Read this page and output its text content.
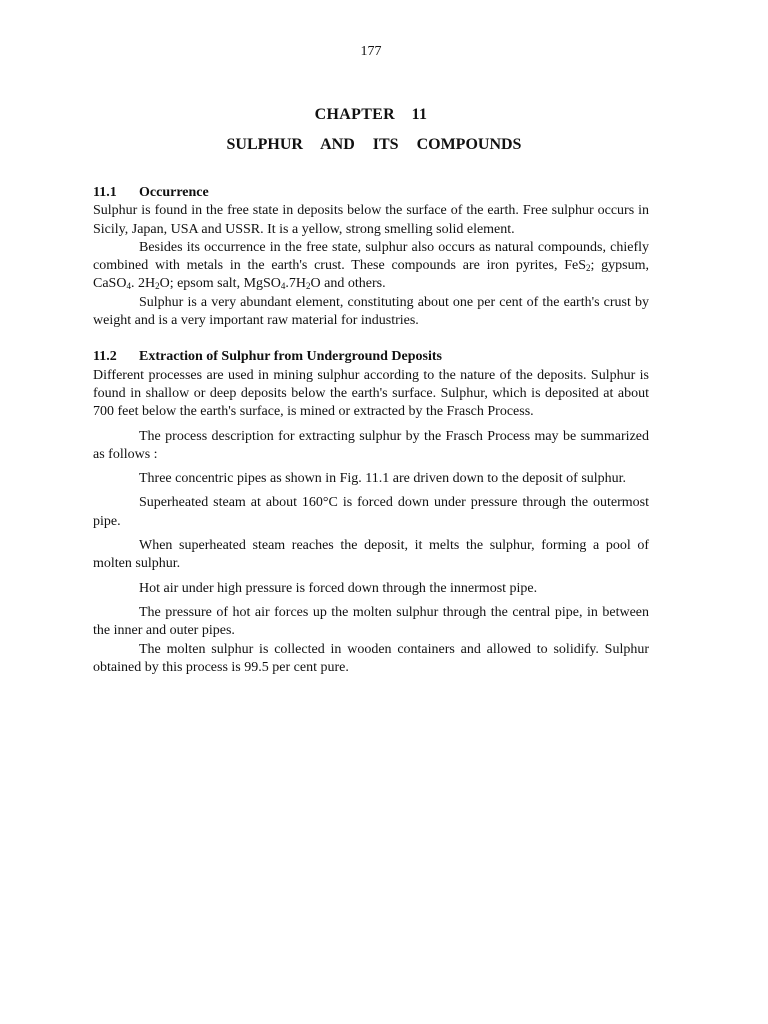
177
CHAPTER  11
SULPHUR  AND  ITS  COMPOUNDS

11.1 Occurrence

Sulphur is found in the free state in deposits below the surface of the earth. Free sulphur occurs in Sicily, Japan, USA and USSR. It is a yellow, strong smelling solid element.

Besides its occurrence in the free state, sulphur also occurs as natural compounds, chiefly combined with metals in the earth's crust. These compounds are iron pyrites, FeS$_2$; gypsum, CaSO$_4$. $2H_2O$; epsom salt, $MgSO_4.7H_2O$ and others.

Sulphur is a very abundant element, constituting about one per cent of the earth's crust by weight and is a very important raw material for industries.

11.2 Extraction of Sulphur from Underground Deposits

Different processes are used in mining sulphur according to the nature of the deposits. Sulphur is found in shallow or deep deposits below the earth's surface. Sulphur, which is deposited at about 700 feet below the earth's surface, is mined or extracted by the Frasch Process.

The process description for extracting sulphur by the Frasch Process may be summarized as follows :

Three concentric pipes as shown in Fig. 11.1 are driven down to the deposit of sulphur.

Superheated steam at about 160°C is forced down under pressure through the outermost pipe.

When superheated steam reaches the deposit, it melts the sulphur, forming a pool of molten sulphur.

Hot air under high pressure is forced down through the innermost pipe.

The pressure of hot air forces up the molten sulphur through the central pipe, in between the inner and outer pipes.

The molten sulphur is collected in wooden containers and allowed to solidify. Sulphur obtained by this process is 99.5 per cent pure.
